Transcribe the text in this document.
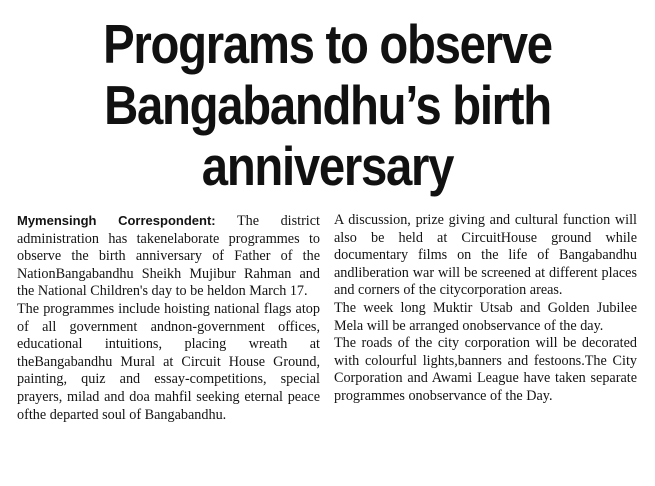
Programs to observe
Bangabandhu’s birth
anniversary

Mymensingh Correspondent: The district administration has takenelaborate programmes to observe the birth anniversary of Father of the NationBangabandhu Sheikh Mujibur Rahman and the National Children's day to be heldon March 17.

The programmes include hoisting national flags atop of all government andnon-government offices, educational intuitions, placing wreath at theBangabandhu Mural at Circuit House Ground, painting, quiz and essay-competitions, special prayers, milad and doa mahfil seeking eternal peace ofthe departed soul of Bangabandhu.

A discussion, prize giving and cultural function will also be held at CircuitHouse ground while documentary films on the life of Bangabandhu andliberation war will be screened at different places and corners of the citycorporation areas.

The week long Muktir Utsab and Golden Jubilee Mela will be arranged onobservance of the day.

The roads of the city corporation will be decorated with colourful lights,banners and festoons.The City Corporation and Awami League have taken separate programmes onobservance of the Day.
